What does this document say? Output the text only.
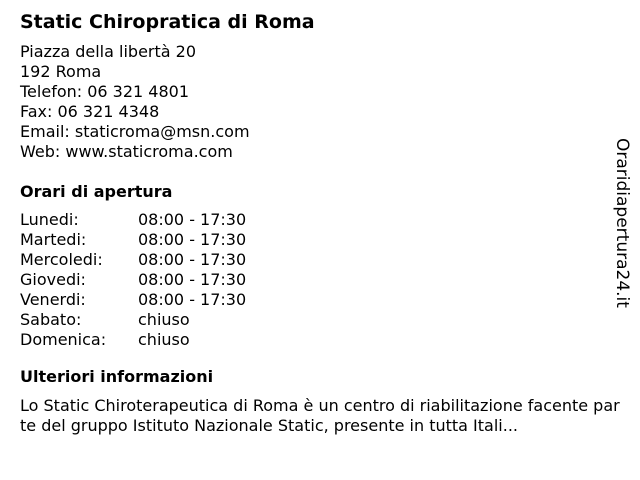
Static Chiropratica di Roma
Piazza della libertà 20
192 Roma
Telefon: 06 321 4801
Fax: 06 321 4348
Email: staticroma@msn.com
Web: www.staticroma.com
Orari di apertura
Lunedi:	08:00 - 17:30
Martedi:	08:00 - 17:30
Mercoledi:	08:00 - 17:30
Giovedi:	08:00 - 17:30
Venerdi:	08:00 - 17:30
Sabato:	chiuso
Domenica:	chiuso
Ulteriori informazioni

Lo Static Chiroterapeutica di Roma è un centro di riabilitazione facente parte del gruppo Istituto Nazionale Static, presente in tutta Itali...

Oraridiapertura24.it
